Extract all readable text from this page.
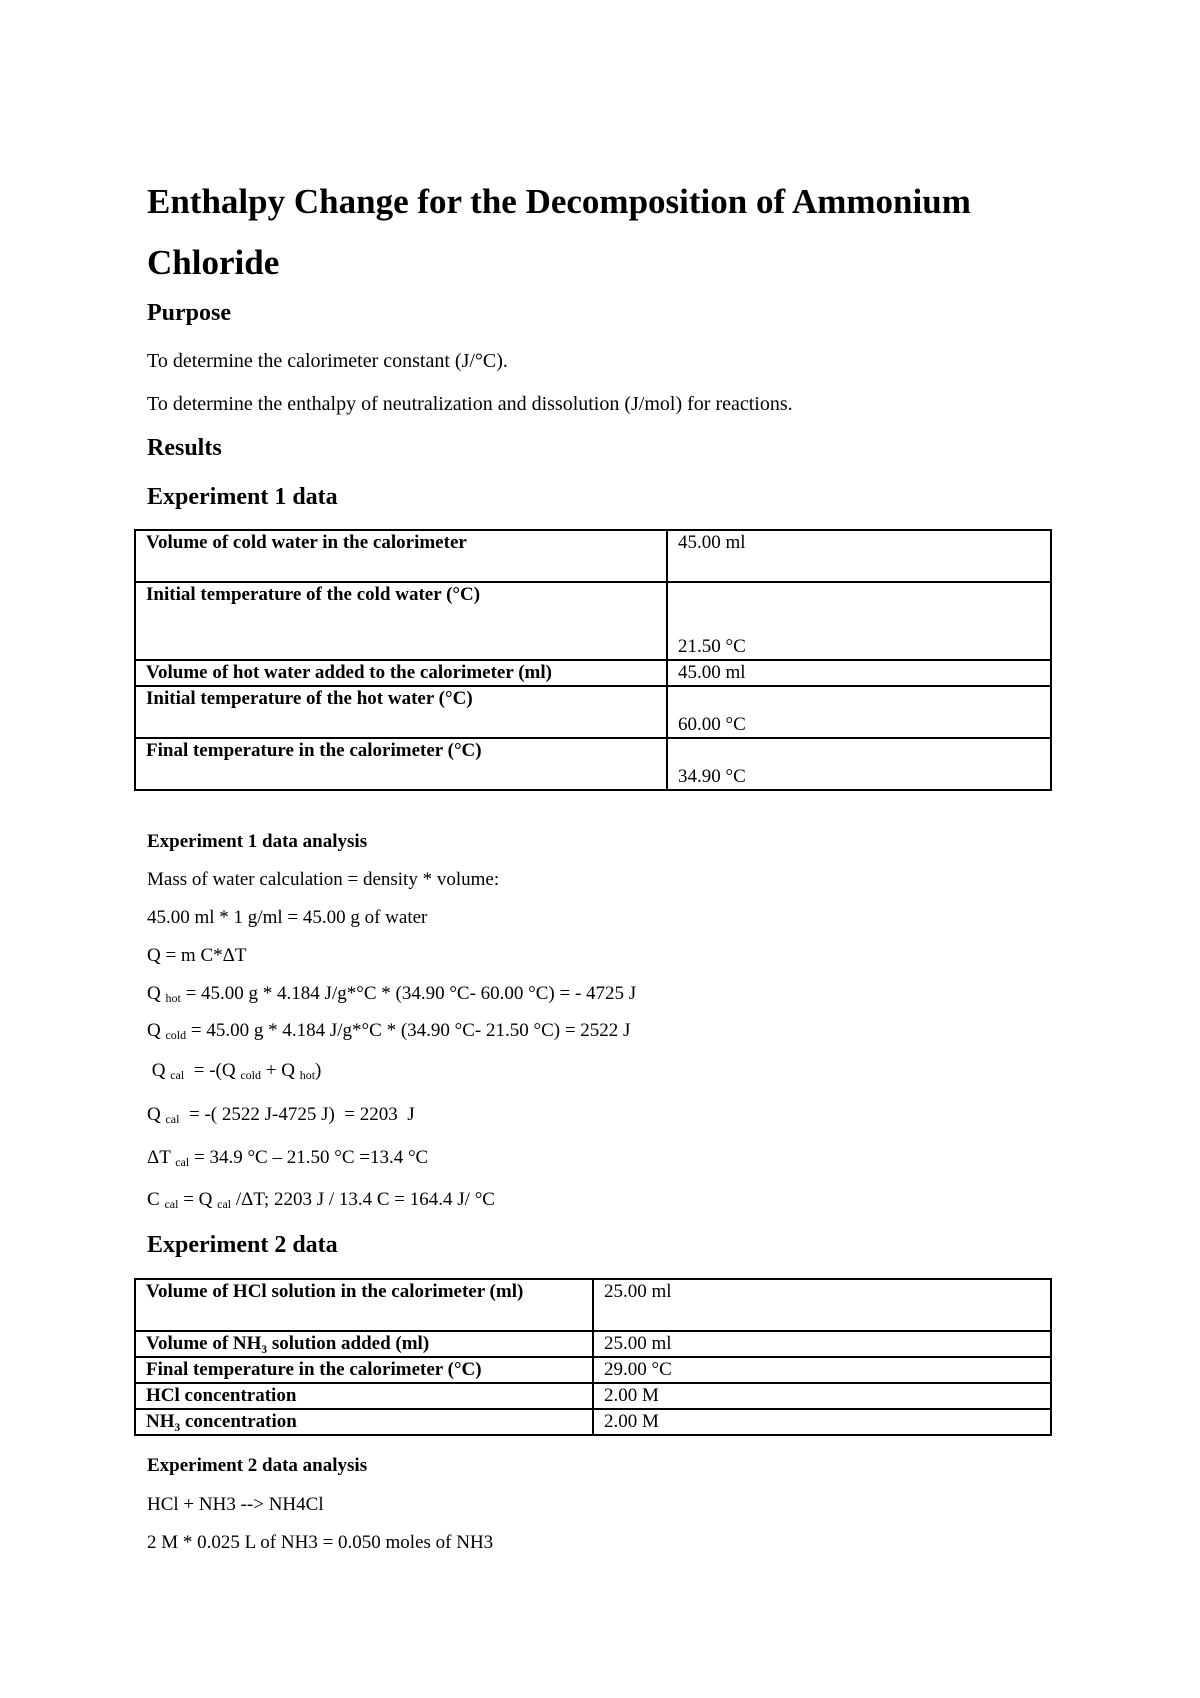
Enthalpy Change for the Decomposition of Ammonium Chloride
Purpose
To determine the calorimeter constant (J/°C).
To determine the enthalpy of neutralization and dissolution (J/mol) for reactions.
Results
Experiment 1 data
Volume of cold water in the calorimeter	45.00 ml
Initial temperature of the cold water (°C)	21.50 °C
Volume of hot water added to the calorimeter (ml)	45.00 ml
Initial temperature of the hot water (°C)	60.00 °C
Final temperature in the calorimeter (°C)	34.90 °C
Experiment 1 data analysis
Mass of water calculation = density * volume:
45.00 ml * 1 g/ml = 45.00 g of water
Q = m C*ΔT
Q $_{hot}$ = 45.00 g * 4.184 J/g*°C * (34.90 °C- 60.00 °C) = - 4725 J
Q $_{cold}$ = 45.00 g * 4.184 J/g*°C * (34.90 °C- 21.50 °C) = 2522 J
Q $_{cal}$  = -(Q $_{cold}$ + Q $_{hot}$)
Q $_{cal}$  = -( 2522 J-4725 J)  = 2203  J
ΔT $_{cal}$ = 34.9 °C – 21.50 °C =13.4 °C
C $_{cal}$ = Q $_{cal}$ /ΔT; 2203 J / 13.4 C = 164.4 J/ °C
Experiment 2 data
Volume of HCl solution in the calorimeter (ml)	25.00 ml
Volume of NH₃ solution added (ml)	25.00 ml
Final temperature in the calorimeter (°C)	29.00 °C
HCl concentration	2.00 M
NH₃ concentration	2.00 M
Experiment 2 data analysis
HCl + NH3 --> NH4Cl
2 M * 0.025 L of NH3 = 0.050 moles of NH3
